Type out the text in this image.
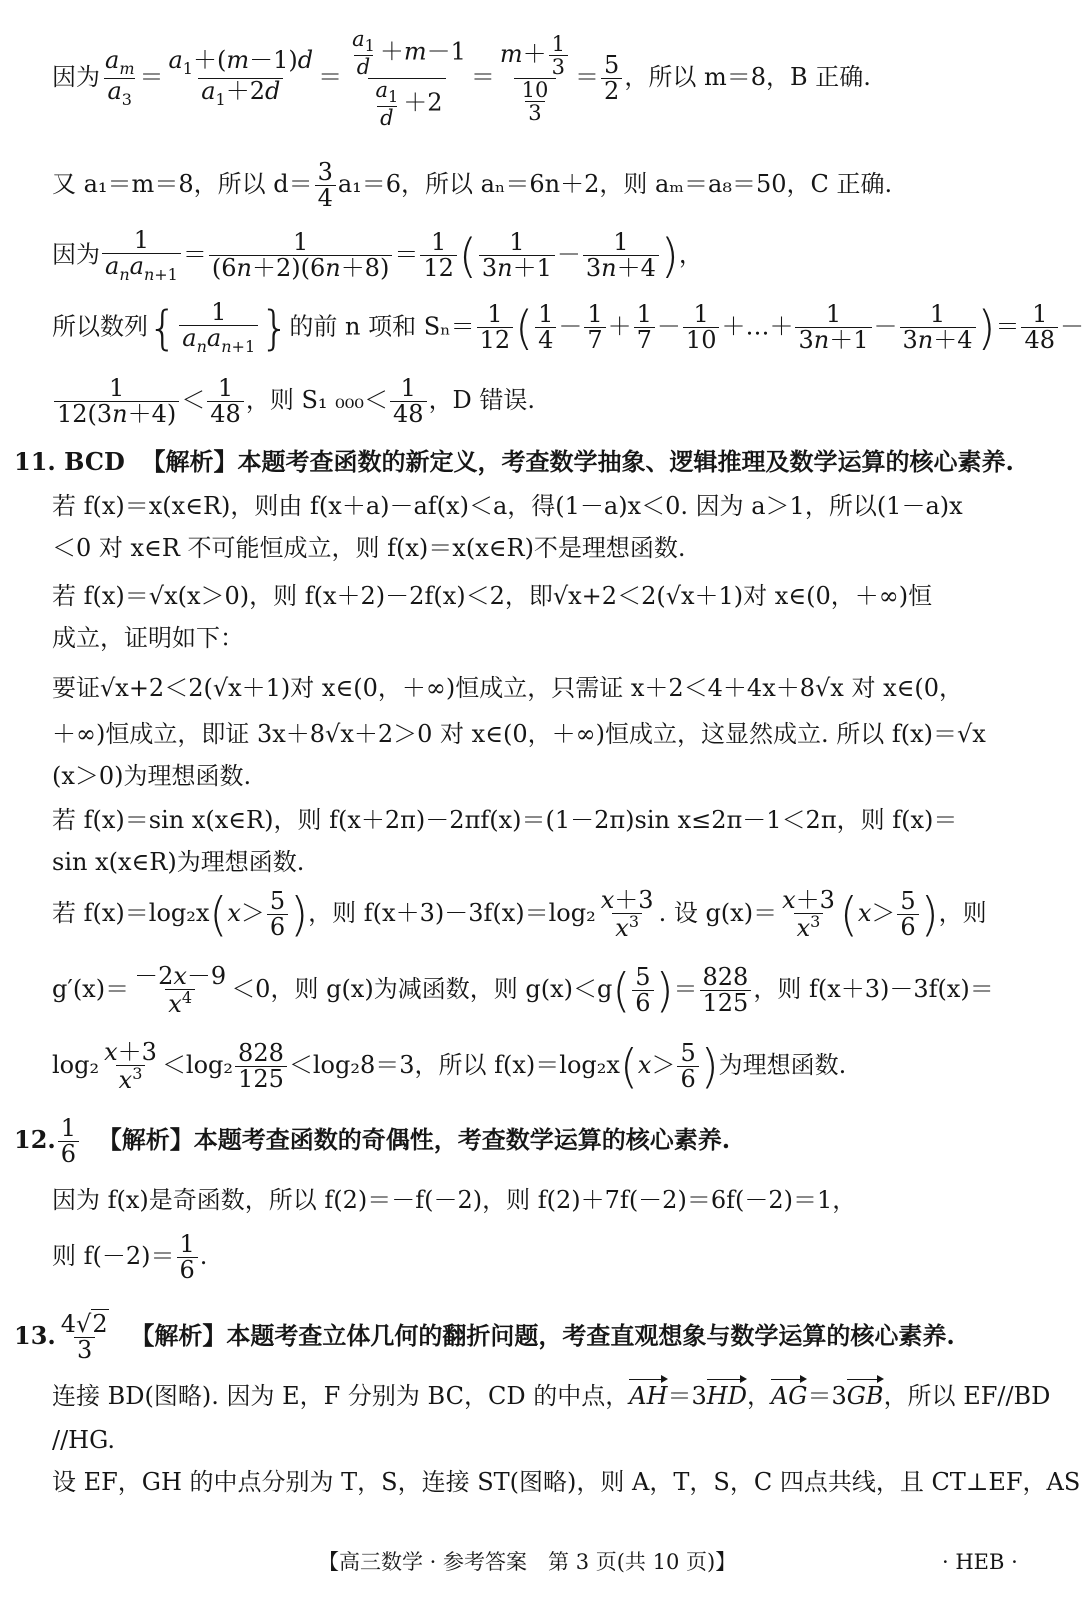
因为 $\frac{a_m}{a_3} = \frac{a_1+(m-1)d}{a_1+2d} = \frac{\frac{a_1}{d} +m-1}{\frac{a_1}{d} +2} = \frac{m+ \frac{1}{3}}{\frac{10}{3}} = \frac{5}{2}$ ，所以 m＝8，B 正确.
又 a₁＝m＝8，所以 $d= \frac{3}{4} a_1=6$，所以 aₙ＝6n＋2，则 aₘ＝a₈＝50，C 正确.
因为
1
$a_na_{n+1}$
＝ $\frac{1}{(6n+2)(6n+8)} = \frac{1}{12}$ ( $\frac{1}{3n+1} - \frac{1}{3n+4}$ )，
所以数列{ 1
$a_na_{n+1}$ }的前 n 项和 $S_n= \frac{1}{12}$ ( $\frac{1}{4} - \frac{1}{7} + \frac{1}{7} - \frac{1}{10}$ ＋…＋ $\frac{1}{3n+1} - \frac{1}{3n+4}$ )＝ $\frac{1}{48}$ －
$\frac{1}{12(3n+4)} < \frac{1}{48}$ ，则 S₁ $_{000}< \frac{1}{48}$ ，D 错误.
11. BCD 【解析】本题考查函数的新定义，考查数学抽象、逻辑推理及数学运算的核心素养.
若 f(x)＝x(x∈R)，则由 f(x＋a)－af(x)＜a，得(1－a)x＜0. 因为 a＞1，所以(1－a)x
＜0 对 x∈R 不可能恒成立，则 f(x)＝x(x∈R)不是理想函数.
若 f(x)＝√x(x＞0)，则 f(x＋2)－2f(x)＜2，即√x+2＜2(√x＋1)对 x∈(0，＋∞)恒
成立，证明如下：
要证√x+2＜2(√x＋1)对 x∈(0，＋∞)恒成立，只需证 x＋2＜4＋4x＋8√x 对 x∈(0，
＋∞)恒成立，即证 3x＋8√x＋2＞0 对 x∈(0，＋∞)恒成立，这显然成立. 所以 f(x)＝√x
(x＞0)为理想函数.
若 f(x)＝sin x(x∈R)，则 f(x＋2π)－2πf(x)＝(1－2π)sin x≤2π－1＜2π，则 f(x)＝
sin x(x∈R)为理想函数.
若 $f(x)=\log_2x(x> \frac{5}{6}$ )，则 $f(x+3)-3f(x)=\log_2 \frac{x+3}{x^3}$ . 设 $g(x)= \frac{x+3}{x^3} (x> \frac{5}{6}$ )，则
$g'(x)= \frac{-2x-9}{x^4} <0$，则 g(x)为减函数，则 $g(x)<g( \frac{5}{6}$ )＝ $\frac{828}{125}$ ，则 f(x＋3)－3f(x)＝
$\log_2 \frac{x+3}{x^3} <\log_2 \frac{828}{125} <\log_28=3$，所以 $f(x)=\log_2x(x> \frac{5}{6}$ )为理想函数.
12. $\frac{1}{6}$ 【解析】本题考查函数的奇偶性，考查数学运算的核心素养.
因为 f(x)是奇函数，所以 f(2)＝－f(－2)，则 f(2)＋7f(－2)＝6f(－2)＝1，
则 $f(-2)= \frac{1}{6}$ .
13. $\frac{4√2}{3}$ 【解析】本题考查立体几何的翻折问题，考查直观想象与数学运算的核心素养.
连接 BD(图略). 因为 E，F 分别为 BC，CD 的中点，AH＝3HD，AG＝3GB，所以 EF//BD
//HG.
设 EF，GH 的中点分别为 T，S，连接 ST(图略)，则 A，T，S，C 四点共线，且 CT⊥EF，AS
【高三数学 · 参考答案　第 3 页(共 10 页)】	· HEB ·
